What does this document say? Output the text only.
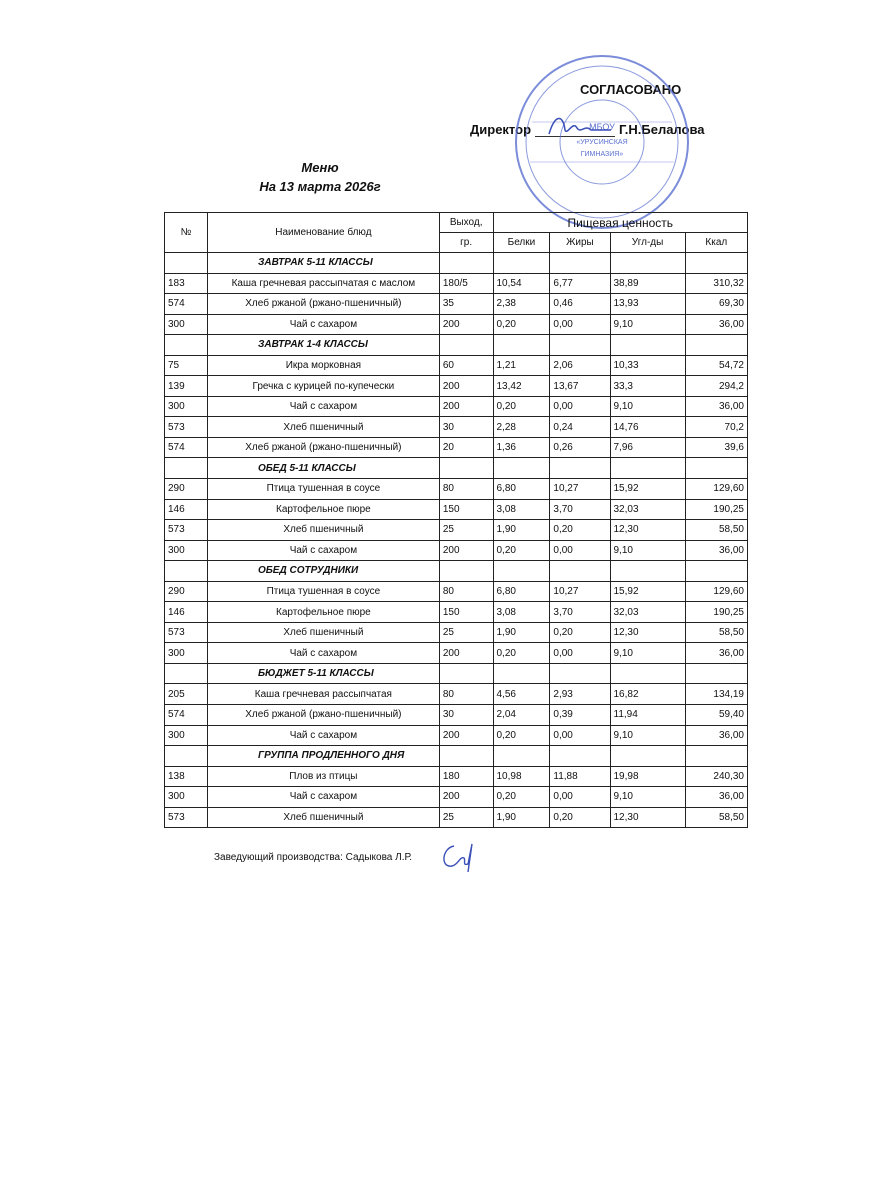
СОГЛАСОВАНО
Директор	Г.Н.Белалова
МБОУ
«УРУСИНСКАЯ
ГИМНАЗИЯ»
Меню
На 13 марта 2026г
№	Наименование блюд	Выход,	Пищевая ценность			
		гр.	Белки	Жиры	Угл-ды	Ккал
	ЗАВТРАК 5-11 КЛАССЫ					
183	Каша гречневая рассыпчатая с маслом	180/5	10,54	6,77	38,89	310,32
574	Хлеб ржаной (ржано-пшеничный)	35	2,38	0,46	13,93	69,30
300	Чай с сахаром	200	0,20	0,00	9,10	36,00
	ЗАВТРАК 1-4 КЛАССЫ					
75	Икра морковная	60	1,21	2,06	10,33	54,72
139	Гречка с курицей по-купечески	200	13,42	13,67	33,3	294,2
300	Чай с сахаром	200	0,20	0,00	9,10	36,00
573	Хлеб пшеничный	30	2,28	0,24	14,76	70,2
574	Хлеб ржаной (ржано-пшеничный)	20	1,36	0,26	7,96	39,6
	ОБЕД 5-11 КЛАССЫ					
290	Птица тушенная в соусе	80	6,80	10,27	15,92	129,60
146	Картофельное пюре	150	3,08	3,70	32,03	190,25
573	Хлеб пшеничный	25	1,90	0,20	12,30	58,50
300	Чай с сахаром	200	0,20	0,00	9,10	36,00
	ОБЕД СОТРУДНИКИ					
290	Птица тушенная в соусе	80	6,80	10,27	15,92	129,60
146	Картофельное пюре	150	3,08	3,70	32,03	190,25
573	Хлеб пшеничный	25	1,90	0,20	12,30	58,50
300	Чай с сахаром	200	0,20	0,00	9,10	36,00
	БЮДЖЕТ 5-11 КЛАССЫ					
205	Каша гречневая рассыпчатая	80	4,56	2,93	16,82	134,19
574	Хлеб ржаной (ржано-пшеничный)	30	2,04	0,39	11,94	59,40
300	Чай с сахаром	200	0,20	0,00	9,10	36,00
	ГРУППА ПРОДЛЕННОГО ДНЯ					
138	Плов из птицы	180	10,98	11,88	19,98	240,30
300	Чай с сахаром	200	0,20	0,00	9,10	36,00
573	Хлеб пшеничный	25	1,90	0,20	12,30	58,50
Заведующий производства: Садыкова Л.Р.
